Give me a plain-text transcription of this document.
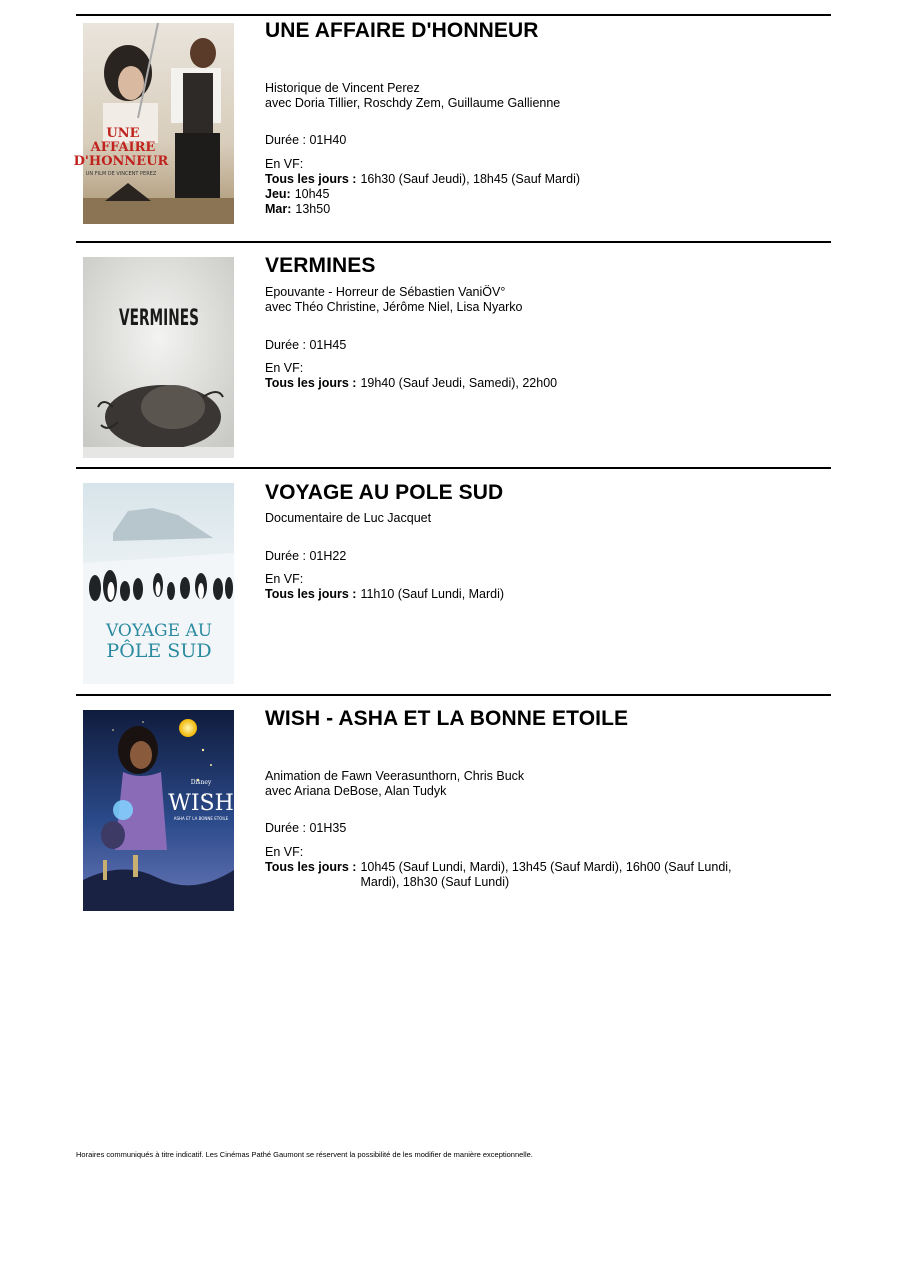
UNE
AFFAIRE
D'HONNEUR
UN FILM DE VINCENT PEREZ
UNE AFFAIRE D'HONNEUR
Historique de Vincent Perez
avec Doria Tillier, Roschdy Zem, Guillaume Gallienne
Durée : 01H40
En VF:
Tous les jours : 16h30 (Sauf Jeudi), 18h45 (Sauf Mardi)
Jeu: 10h45
Mar: 13h50
VERMINES
VERMINES
Epouvante - Horreur de Sébastien VaniÖV°
avec Théo Christine, Jérôme Niel, Lisa Nyarko
Durée : 01H45
En VF:
Tous les jours : 19h40 (Sauf Jeudi, Samedi), 22h00
VOYAGE AU
PÔLE SUD
VOYAGE AU POLE SUD
Documentaire de Luc Jacquet
Durée : 01H22
En VF:
Tous les jours : 11h10 (Sauf Lundi, Mardi)
Disney
WISH
ASHA ET LA BONNE ETOILE
WISH - ASHA ET LA BONNE ETOILE
Animation de Fawn Veerasunthorn, Chris Buck
avec Ariana DeBose, Alan Tudyk
Durée : 01H35
En VF:
Tous les jours : 10h45 (Sauf Lundi, Mardi), 13h45 (Sauf Mardi), 16h00 (Sauf Lundi, Mardi), 18h30 (Sauf Lundi)
Horaires communiqués à titre indicatif. Les Cinémas Pathé Gaumont se réservent la possibilité de les modifier de manière exceptionnelle.
